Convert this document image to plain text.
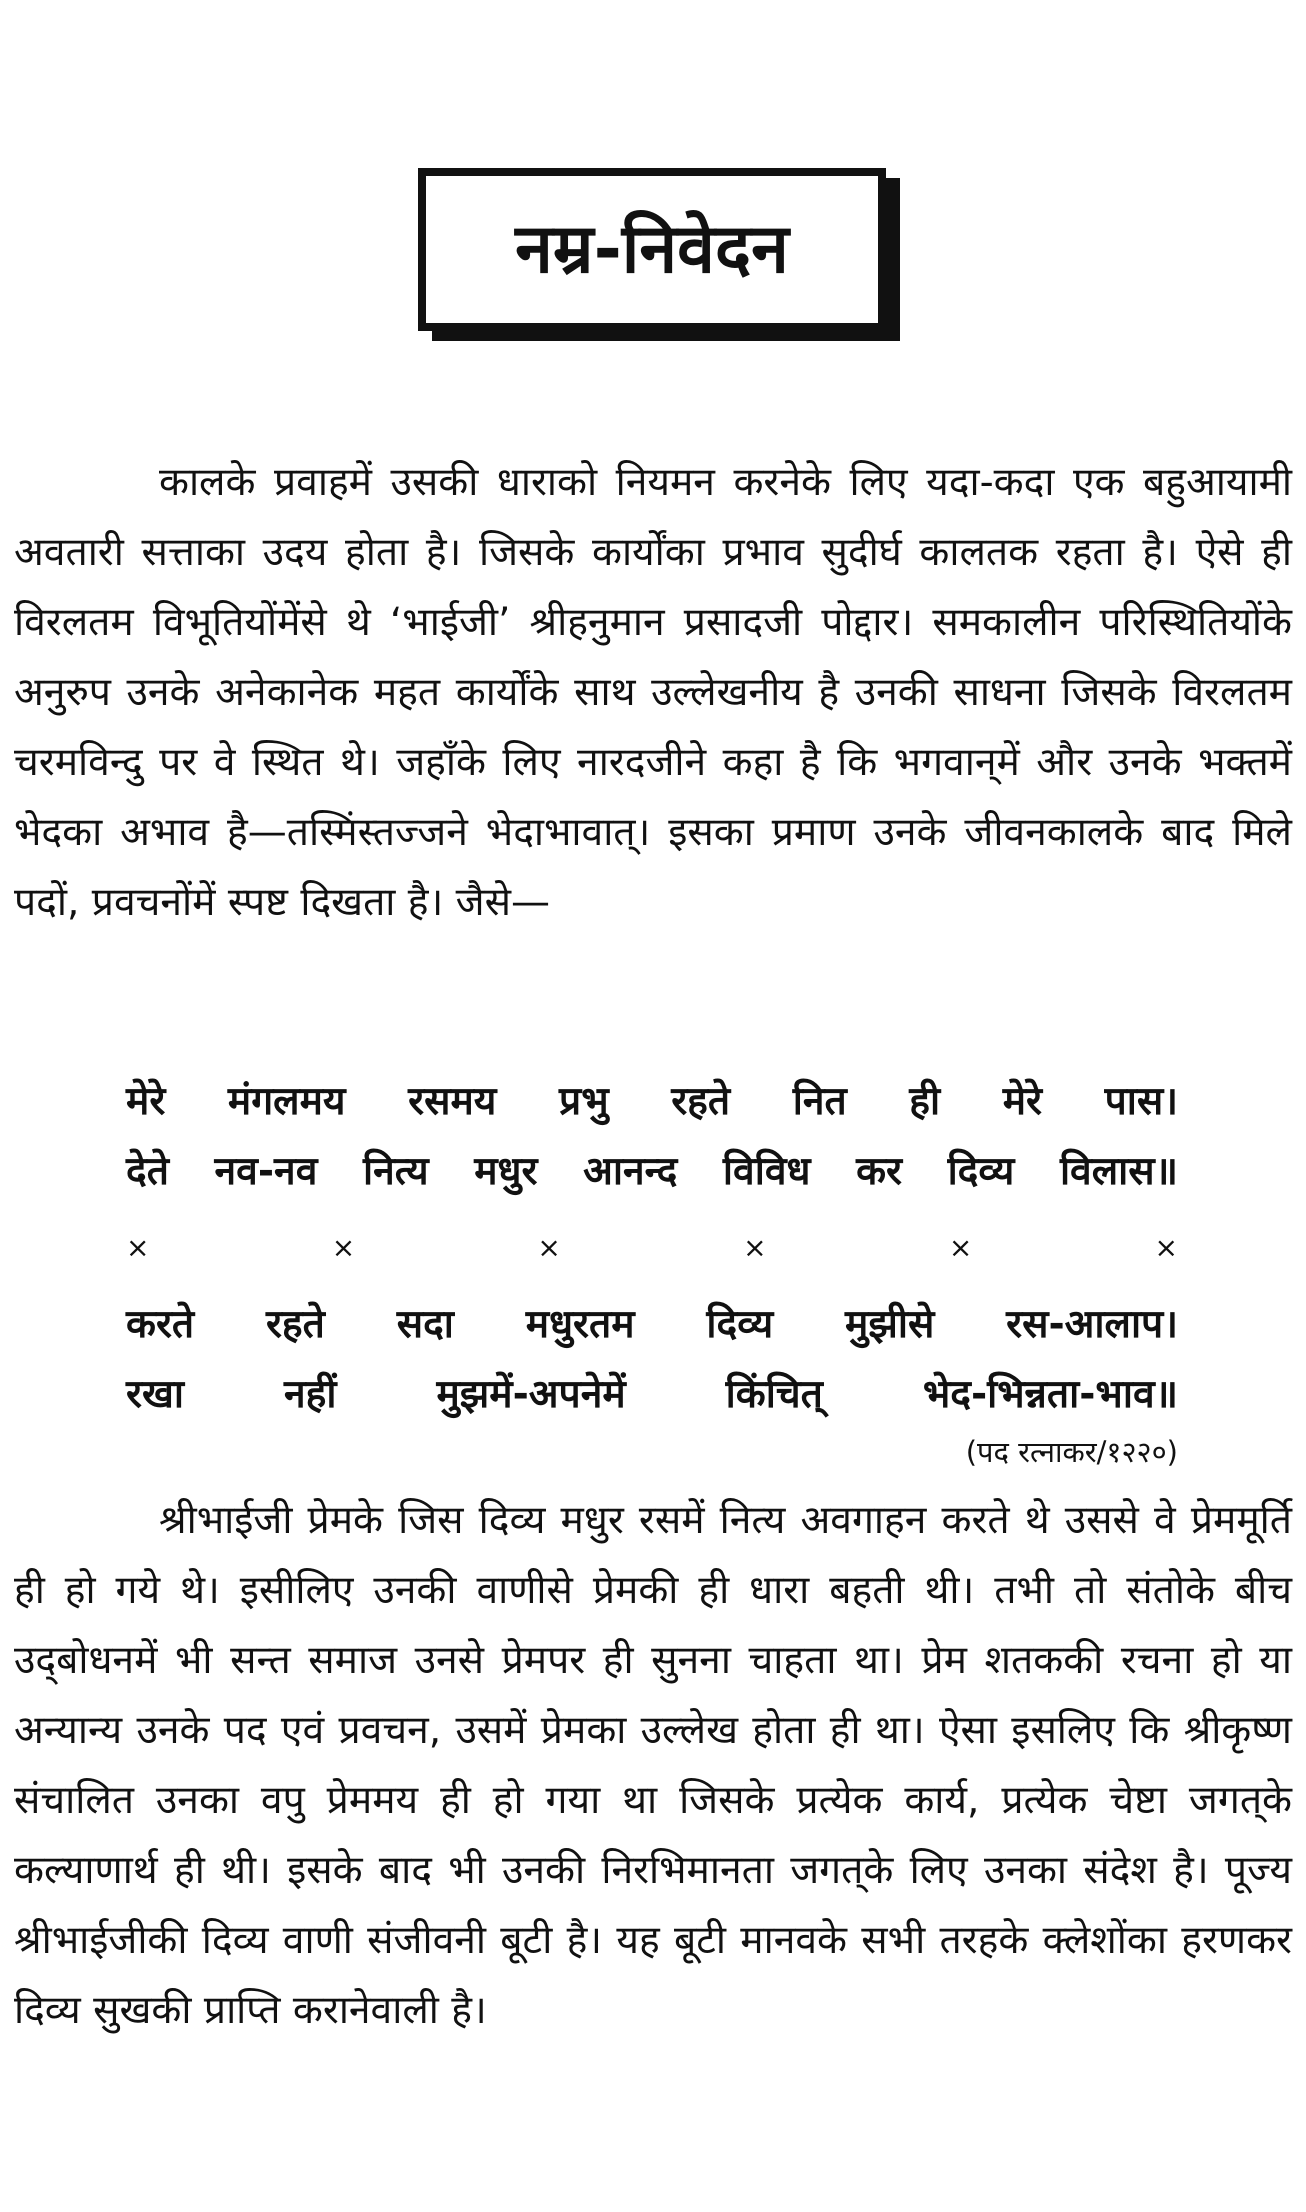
नम्र-निवेदन

कालके प्रवाहमें उसकी धाराको नियमन करनेके लिए यदा-कदा एक बहुआयामी अवतारी सत्ताका उदय होता है। जिसके कार्योंका प्रभाव सुदीर्घ कालतक रहता है। ऐसे ही विरलतम विभूतियोंमेंसे थे ‘भाईजी’ श्रीहनुमान प्रसादजी पोद्दार। समकालीन परिस्थितियोंके अनुरुप उनके अनेकानेक महत कार्योंके साथ उल्लेखनीय है उनकी साधना जिसके विरलतम चरमविन्दु पर वे स्थित थे। जहाँके लिए नारदजीने कहा है कि भगवान्‌में और उनके भक्तमें भेदका अभाव है—तस्मिंस्तज्जने भेदाभावात्। इसका प्रमाण उनके जीवनकालके बाद मिले पदों, प्रवचनोंमें स्पष्ट दिखता है। जैसे—

मेरे मंगलमय रसमय प्रभु रहते नित ही मेरे पास।
देते नव-नव नित्य मधुर आनन्द विविध कर दिव्य विलास॥
×	×	×	×	×	×
करते रहते सदा मधुरतम दिव्य मुझीसे रस-आलाप।
रखा नहीं मुझमें-अपनेमें किंचित् भेद-भिन्नता-भाव॥
(पद रत्नाकर/१२२०)

श्रीभाईजी प्रेमके जिस दिव्य मधुर रसमें नित्य अवगाहन करते थे उससे वे प्रेममूर्ति ही हो गये थे। इसीलिए उनकी वाणीसे प्रेमकी ही धारा बहती थी। तभी तो संतोके बीच उद्‌बोधनमें भी सन्त समाज उनसे प्रेमपर ही सुनना चाहता था। प्रेम शतककी रचना हो या अन्यान्य उनके पद एवं प्रवचन, उसमें प्रेमका उल्लेख होता ही था। ऐसा इसलिए कि श्रीकृष्ण संचालित उनका वपु प्रेममय ही हो गया था जिसके प्रत्येक कार्य, प्रत्येक चेष्टा जगत्‌के कल्याणार्थ ही थी। इसके बाद भी उनकी निरभिमानता जगत्‌के लिए उनका संदेश है। पूज्य श्रीभाईजीकी दिव्य वाणी संजीवनी बूटी है। यह बूटी मानवके सभी तरहके क्लेशोंका हरणकर दिव्य सुखकी प्राप्ति करानेवाली है।
